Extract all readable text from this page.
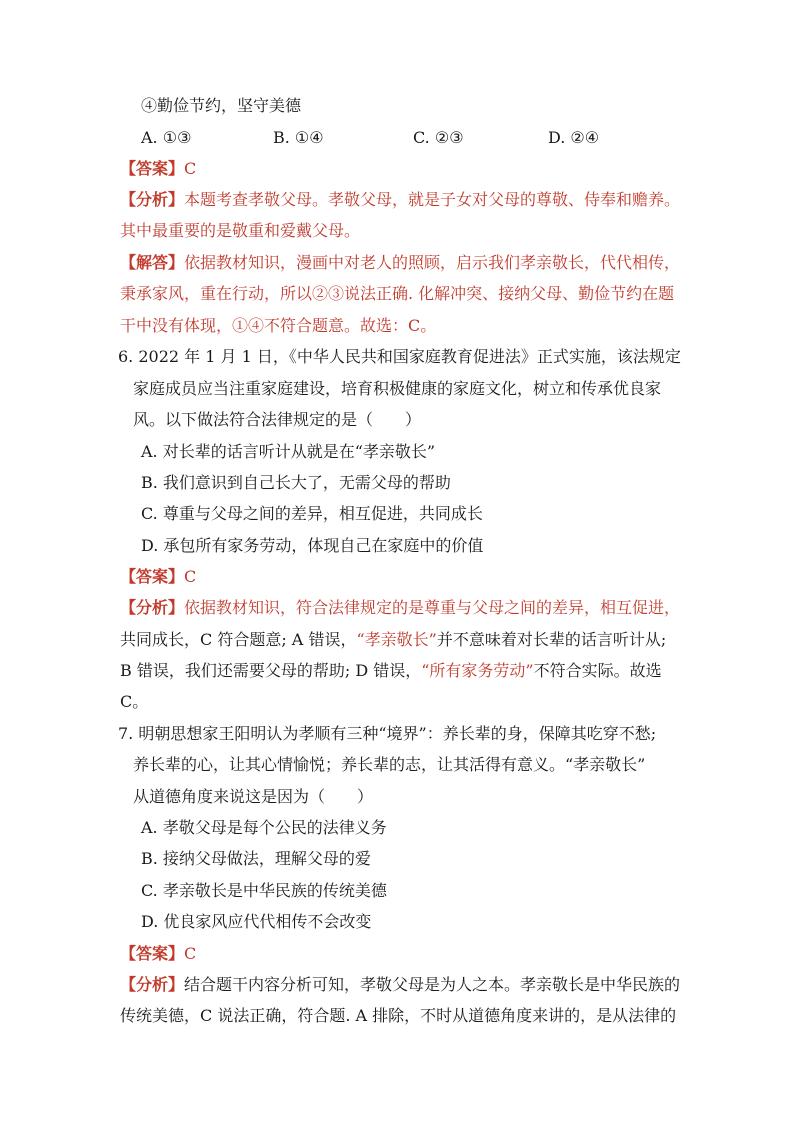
④勤俭节约，坚守美德
A. ①③	B. ①④	C. ②③	D. ②④
【答案】C
【分析】本题考查孝敬父母。孝敬父母，就是子女对父母的尊敬、侍奉和赡养。
其中最重要的是敬重和爱戴父母。
【解答】依据教材知识，漫画中对老人的照顾，启示我们孝亲敬长，代代相传，
秉承家风，重在行动，所以②③说法正确. 化解冲突、接纳父母、勤俭节约在题
干中没有体现，①④不符合题意。故选：C。
6. 2022 年 1 月 1 日，《中华人民共和国家庭教育促进法》正式实施，该法规定
家庭成员应当注重家庭建设，培育积极健康的家庭文化，树立和传承优良家
风。以下做法符合法律规定的是（　　）
A. 对长辈的话言听计从就是在“孝亲敬长”
B. 我们意识到自己长大了，无需父母的帮助
C. 尊重与父母之间的差异，相互促进，共同成长
D. 承包所有家务劳动，体现自己在家庭中的价值
【答案】C
【分析】依据教材知识，符合法律规定的是尊重与父母之间的差异，相互促进，
共同成长，C 符合题意; A 错误，“孝亲敬长”并不意味着对长辈的话言听计从;
B 错误，我们还需要父母的帮助; D 错误，“所有家务劳动”不符合实际。故选
C。
7. 明朝思想家王阳明认为孝顺有三种“境界”：养长辈的身，保障其吃穿不愁;
养长辈的心，让其心情愉悦；养长辈的志，让其活得有意义。“孝亲敬长”
从道德角度来说这是因为（　　）
A. 孝敬父母是每个公民的法律义务
B. 接纳父母做法，理解父母的爱
C. 孝亲敬长是中华民族的传统美德
D. 优良家风应代代相传不会改变
【答案】C
【分析】结合题干内容分析可知，孝敬父母是为人之本。孝亲敬长是中华民族的
传统美德，C 说法正确，符合题. A 排除，不时从道德角度来讲的，是从法律的
